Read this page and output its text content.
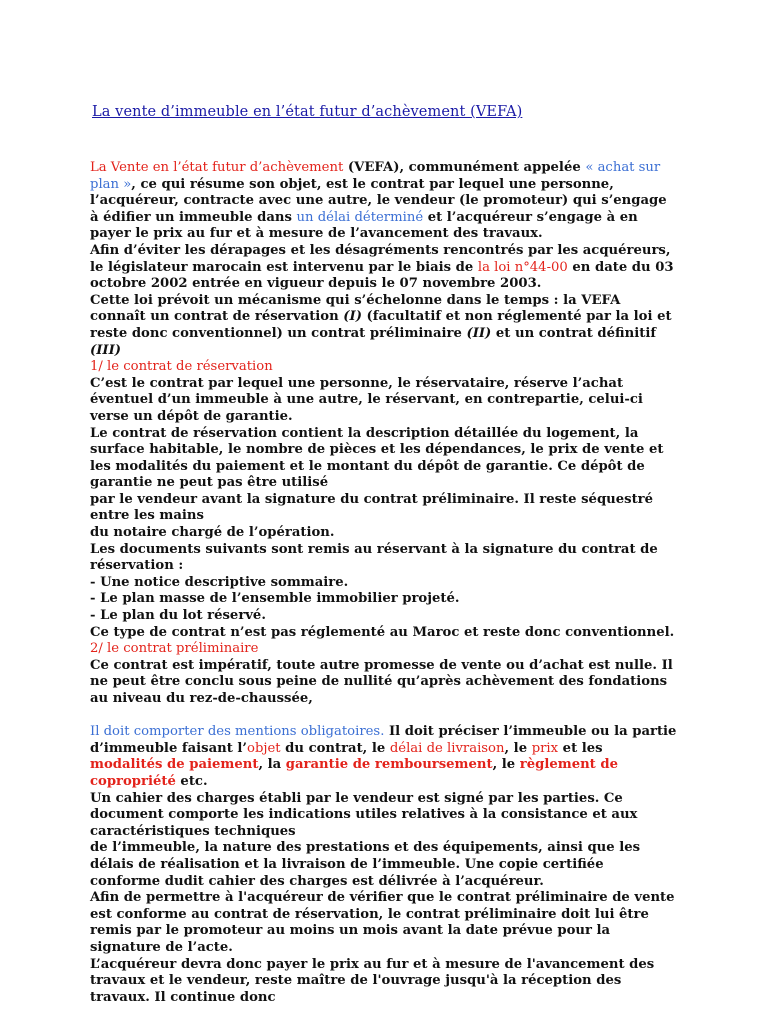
La vente d’immeuble en l’état futur d’achèvement (VEFA)

La Vente en l’état futur d’achèvement (VEFA), communément appelée « achat sur plan », ce qui résume son objet, est le contrat par lequel une personne, l’acquéreur, contracte avec une autre, le vendeur (le promoteur) qui s’engage à édifier un immeuble dans un délai déterminé et l’acquéreur s’engage à en payer le prix au fur et à mesure de l’avancement des travaux.

Afin d’éviter les dérapages et les désagréments rencontrés par les acquéreurs, le législateur marocain est intervenu par le biais de la loi n°44-00 en date du 03 octobre 2002 entrée en vigueur depuis le 07 novembre 2003.

Cette loi prévoit un mécanisme qui s’échelonne dans le temps : la VEFA connaît un contrat de réservation (I) (facultatif et non réglementé par la loi et reste donc conventionnel) un contrat préliminaire (II) et un contrat définitif (III)

1/ le contrat de réservation

C’est le contrat par lequel une personne, le réservataire, réserve l’achat éventuel d’un immeuble à une autre, le réservant, en contrepartie, celui-ci verse un dépôt de garantie.

Le contrat de réservation contient la description détaillée du logement, la surface habitable, le nombre de pièces et les dépendances, le prix de vente et les modalités du paiement et le montant du dépôt de garantie. Ce dépôt de garantie ne peut pas être utilisé

par le vendeur avant la signature du contrat préliminaire. Il reste séquestré entre les mains

du notaire chargé de l’opération.

Les documents suivants sont remis au réservant à la signature du contrat de réservation :

- Une notice descriptive sommaire.

- Le plan masse de l’ensemble immobilier projeté.

- Le plan du lot réservé.

Ce type de contrat n’est pas réglementé au Maroc et reste donc conventionnel.

2/ le contrat préliminaire

Ce contrat est impératif, toute autre promesse de vente ou d’achat est nulle. Il ne peut être conclu sous peine de nullité qu’après achèvement des fondations au niveau du rez-de-chaussée,

Il doit comporter des mentions obligatoires. Il doit préciser l’immeuble ou la partie d’immeuble faisant l’objet du contrat, le délai de livraison, le prix et les modalités de paiement, la garantie de remboursement, le règlement de copropriété etc.

Un cahier des charges établi par le vendeur est signé par les parties. Ce document comporte les indications utiles relatives à la consistance et aux caractéristiques techniques

de l’immeuble, la nature des prestations et des équipements, ainsi que les délais de réalisation et la livraison de l’immeuble. Une copie certifiée conforme dudit cahier des charges est délivrée à l’acquéreur.

Afin de permettre à l'acquéreur de vérifier que le contrat préliminaire de vente est conforme au contrat de réservation, le contrat préliminaire doit lui être remis par le promoteur au moins un mois avant la date prévue pour la signature de l’acte.

L’acquéreur devra donc payer le prix au fur et à mesure de l'avancement des travaux et le vendeur, reste maître de l'ouvrage jusqu'à la réception des travaux. Il continue donc
